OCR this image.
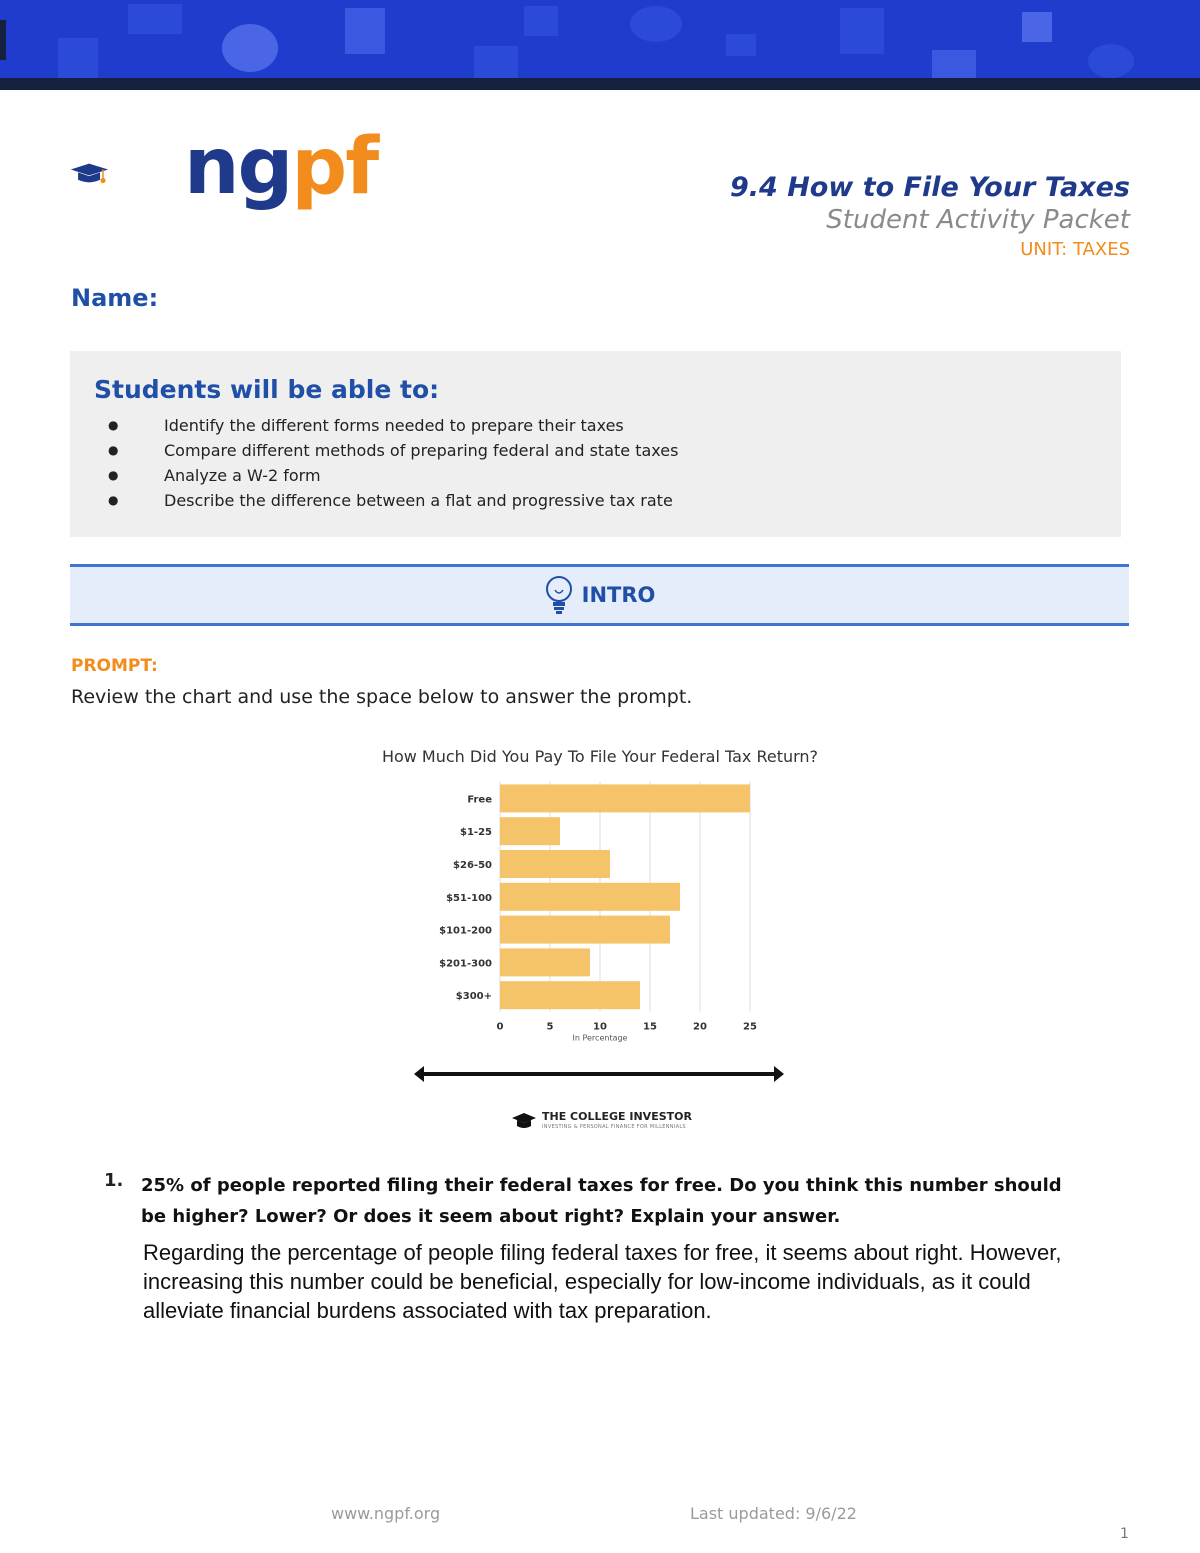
ngpf	9.4 How to File Your Taxes
Student Activity Packet
UNIT: TAXES
Name:
Students will be able to:
● Identify the different forms needed to prepare their taxes
● Compare different methods of preparing federal and state taxes
● Analyze a W-2 form
● Describe the difference between a flat and progressive tax rate
INTRO
PROMPT:
Review the chart and use the space below to answer the prompt.
How Much Did You Pay To File Your Federal Tax Return?
Free
$1-25
$26-50
$51-100
$101-200
$201-300
$300+
0	5	10	15	20	25
In Percentage
THE COLLEGE INVESTOR
INVESTING & PERSONAL FINANCE FOR MILLENNIALS
1. 25% of people reported filing their federal taxes for free. Do you think this number should be higher? Lower? Or does it seem about right? Explain your answer.
Regarding the percentage of people filing federal taxes for free, it seems about right. However, increasing this number could be beneficial, especially for low-income individuals, as it could alleviate financial burdens associated with tax preparation.
www.ngpf.org	Last updated: 9/6/22
1
